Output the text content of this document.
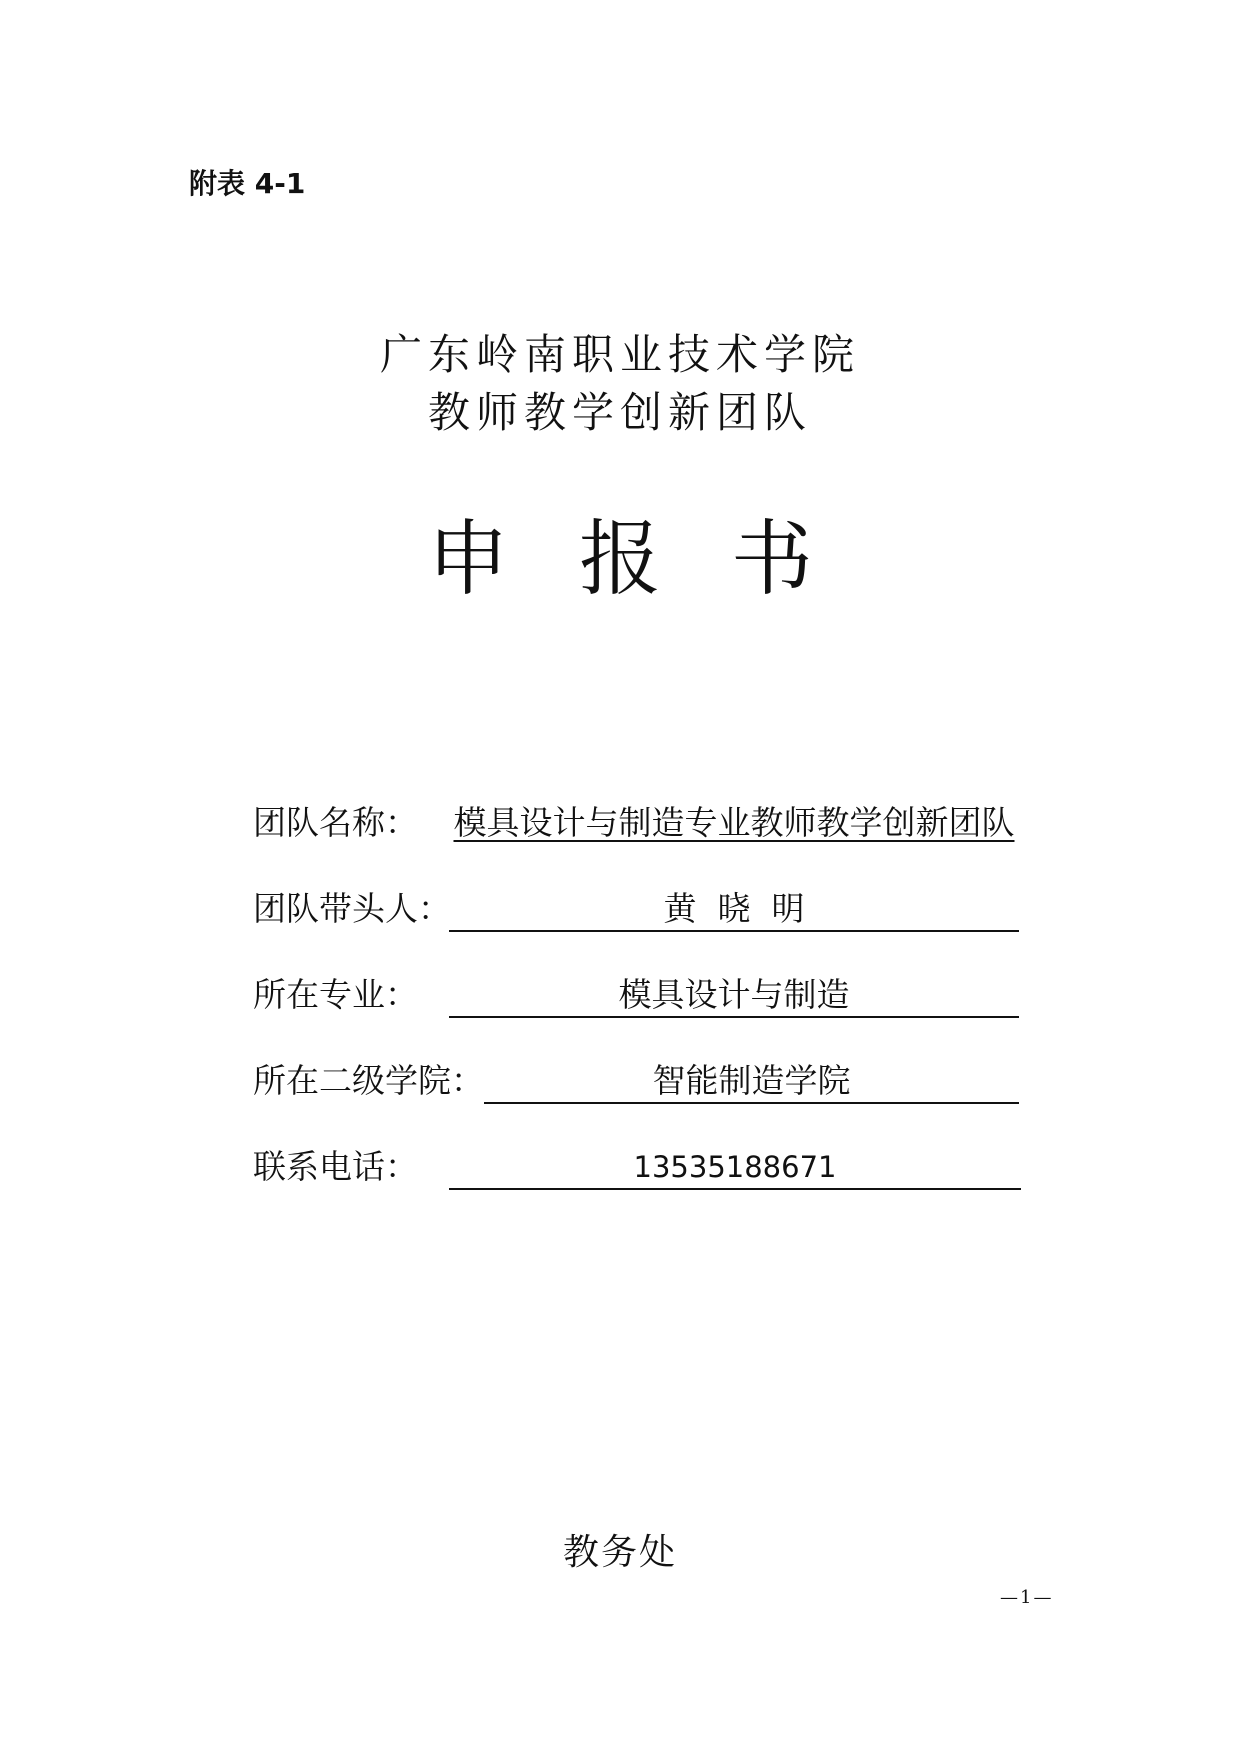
附表 4-1
广东岭南职业技术学院
教师教学创新团队
申报书
团队名称： 模具设计与制造专业教师教学创新团队
团队带头人：	黄  晓  明
所在专业：	模具设计与制造
所在二级学院：	智能制造学院
联系电话：	13535188671
教务处
—1—
